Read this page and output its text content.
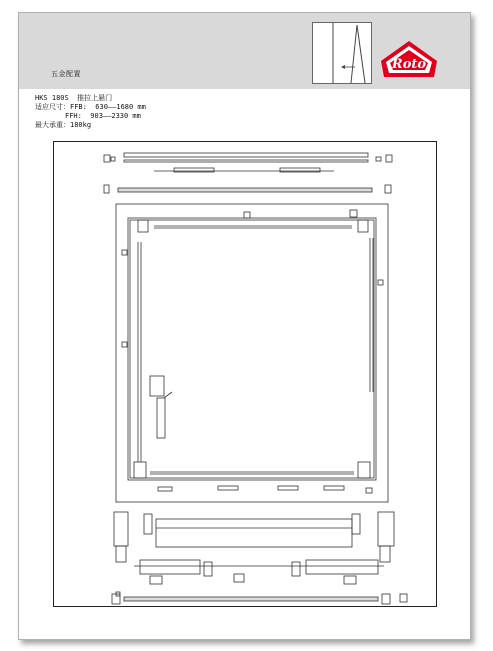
五金配置
Roto
HKS 180S  推拉上悬门
适应尺寸：FFB:  630——1680 mm
FFH:  903——2330 mm
最大承重：180kg
